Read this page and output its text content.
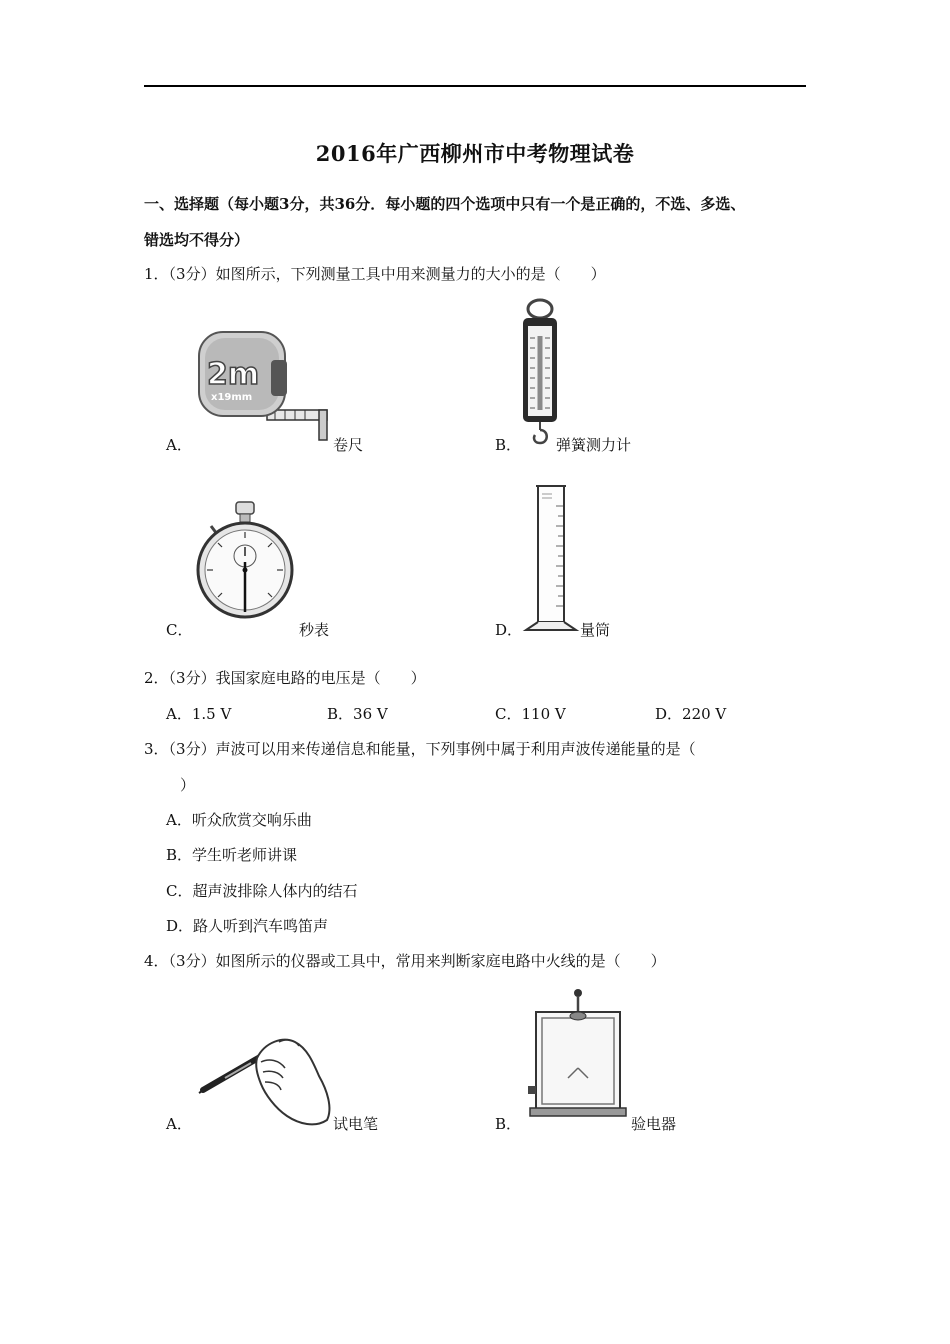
2016年广西柳州市中考物理试卷
一、选择题（每小题3分，共36分．每小题的四个选项中只有一个是正确的，不选、多选、
错选均不得分）
1．（3分）如图所示，下列测量工具中用来测量力的大小的是（　　）
2m
x19mm
A．	卷尺	B． 弹簧测力计
C．	秒表	D．	量筒
2．（3分）我国家庭电路的电压是（　　）
A．1.5 V	B．36 V	C．110 V	D．220 V
3．（3分）声波可以用来传递信息和能量，下列事例中属于利用声波传递能量的是（
）
A．听众欣赏交响乐曲
B．学生听老师讲课
C．超声波排除人体内的结石
D．路人听到汽车鸣笛声
4．（3分）如图所示的仪器或工具中，常用来判断家庭电路中火线的是（　　）
A．	试电笔	B．	验电器
